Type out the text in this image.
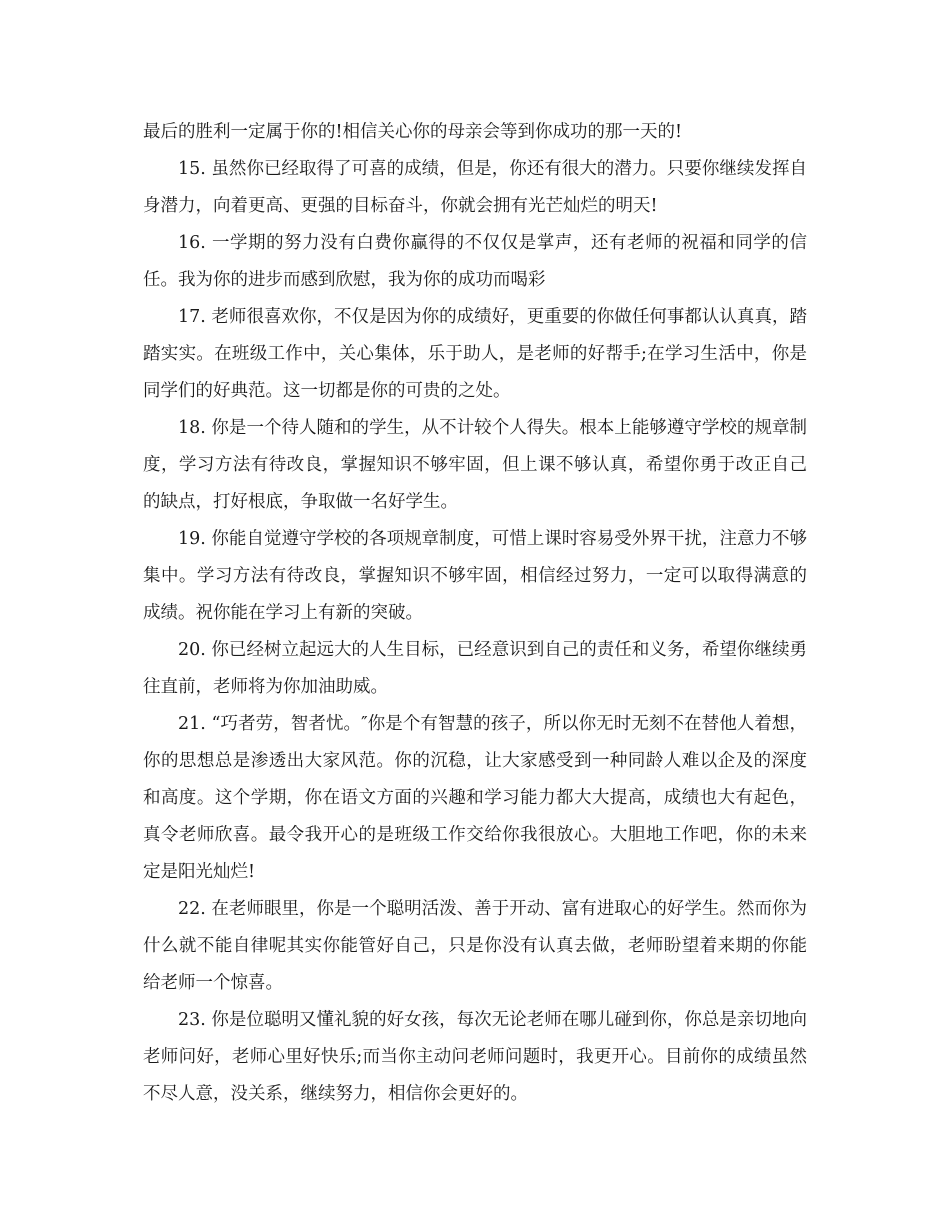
最后的胜利一定属于你的!相信关心你的母亲会等到你成功的那一天的!

15. 虽然你已经取得了可喜的成绩，但是，你还有很大的潜力。只要你继续发挥自身潜力，向着更高、更强的目标奋斗，你就会拥有光芒灿烂的明天!

16. 一学期的努力没有白费你赢得的不仅仅是掌声，还有老师的祝福和同学的信任。我为你的进步而感到欣慰，我为你的成功而喝彩

17. 老师很喜欢你，不仅是因为你的成绩好，更重要的你做任何事都认认真真，踏踏实实。在班级工作中，关心集体，乐于助人，是老师的好帮手;在学习生活中，你是同学们的好典范。这一切都是你的可贵的之处。

18. 你是一个待人随和的学生，从不计较个人得失。根本上能够遵守学校的规章制度，学习方法有待改良，掌握知识不够牢固，但上课不够认真，希望你勇于改正自己的缺点，打好根底，争取做一名好学生。

19. 你能自觉遵守学校的各项规章制度，可惜上课时容易受外界干扰，注意力不够集中。学习方法有待改良，掌握知识不够牢固，相信经过努力，一定可以取得满意的成绩。祝你能在学习上有新的突破。

20. 你已经树立起远大的人生目标，已经意识到自己的责任和义务，希望你继续勇往直前，老师将为你加油助威。

21. “巧者劳，智者忧。″你是个有智慧的孩子，所以你无时无刻不在替他人着想，你的思想总是渗透出大家风范。你的沉稳，让大家感受到一种同龄人难以企及的深度和高度。这个学期，你在语文方面的兴趣和学习能力都大大提高，成绩也大有起色，真令老师欣喜。最令我开心的是班级工作交给你我很放心。大胆地工作吧，你的未来定是阳光灿烂!

22. 在老师眼里，你是一个聪明活泼、善于开动、富有进取心的好学生。然而你为什么就不能自律呢其实你能管好自己，只是你没有认真去做，老师盼望着来期的你能给老师一个惊喜。

23. 你是位聪明又懂礼貌的好女孩，每次无论老师在哪儿碰到你，你总是亲切地向老师问好，老师心里好快乐;而当你主动问老师问题时，我更开心。目前你的成绩虽然不尽人意，没关系，继续努力，相信你会更好的。
